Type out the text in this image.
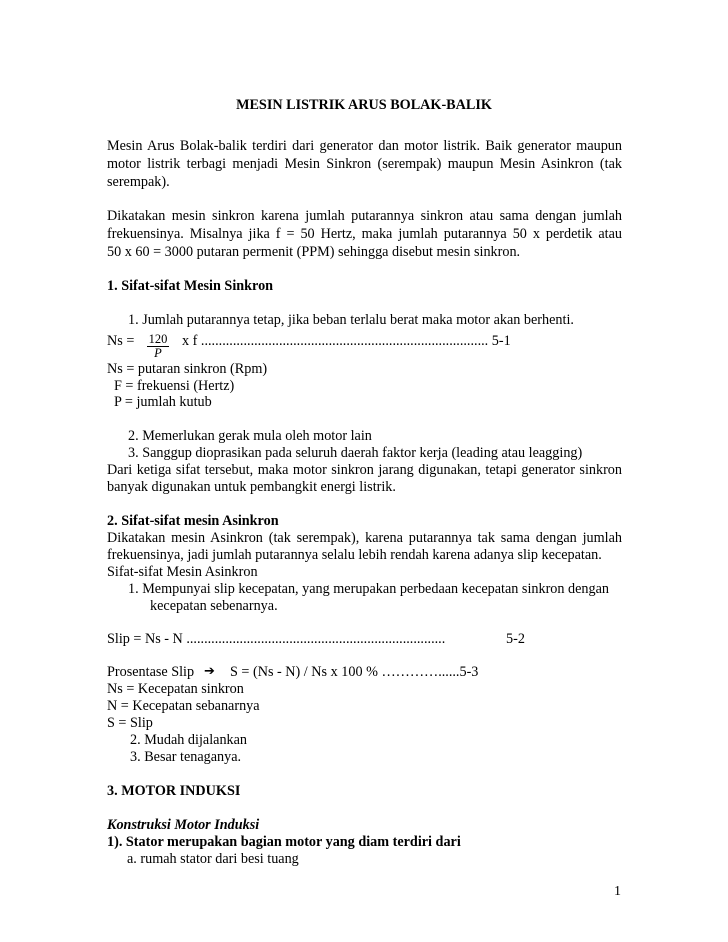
MESIN LISTRIK ARUS BOLAK-BALIK
Mesin Arus Bolak-balik terdiri dari generator dan motor listrik. Baik generator maupun
motor listrik terbagi menjadi Mesin Sinkron (serempak) maupun Mesin Asinkron (tak
serempak).
Dikatakan mesin sinkron karena jumlah putarannya sinkron atau sama dengan jumlah
frekuensinya. Misalnya jika f = 50 Hertz, maka jumlah putarannya 50 x perdetik atau
50 x 60 = 3000 putaran permenit (PPM) sehingga disebut mesin sinkron.
1. Sifat-sifat Mesin Sinkron
1. Jumlah putarannya tetap, jika beban terlalu berat maka motor akan berhenti.
Ns = 120
P
x f ................................................................................. 5-1
Ns = putaran sinkron (Rpm)
F = frekuensi (Hertz)
P = jumlah kutub
2. Memerlukan gerak mula oleh motor lain
3. Sanggup dioprasikan pada seluruh daerah faktor kerja (leading atau leagging)
Dari ketiga sifat tersebut, maka motor sinkron jarang digunakan, tetapi generator sinkron
banyak digunakan untuk pembangkit energi listrik.
2. Sifat-sifat mesin Asinkron
Dikatakan mesin Asinkron (tak serempak), karena putarannya tak sama dengan jumlah
frekuensinya, jadi jumlah putarannya selalu lebih rendah karena adanya slip kecepatan.
Sifat-sifat Mesin Asinkron
1. Mempunyai slip kecepatan, yang merupakan perbedaan kecepatan sinkron dengan
kecepatan sebenarnya.
Slip = Ns - N .........................................................................	5-2
Prosentase Slip ➔ S = (Ns - N) / Ns x 100 % …………......5-3
Ns = Kecepatan sinkron
N = Kecepatan sebanarnya
S = Slip
2. Mudah dijalankan
3. Besar tenaganya.
3. MOTOR INDUKSI
Konstruksi Motor Induksi
1). Stator merupakan bagian motor yang diam terdiri dari
a. rumah stator dari besi tuang
1
